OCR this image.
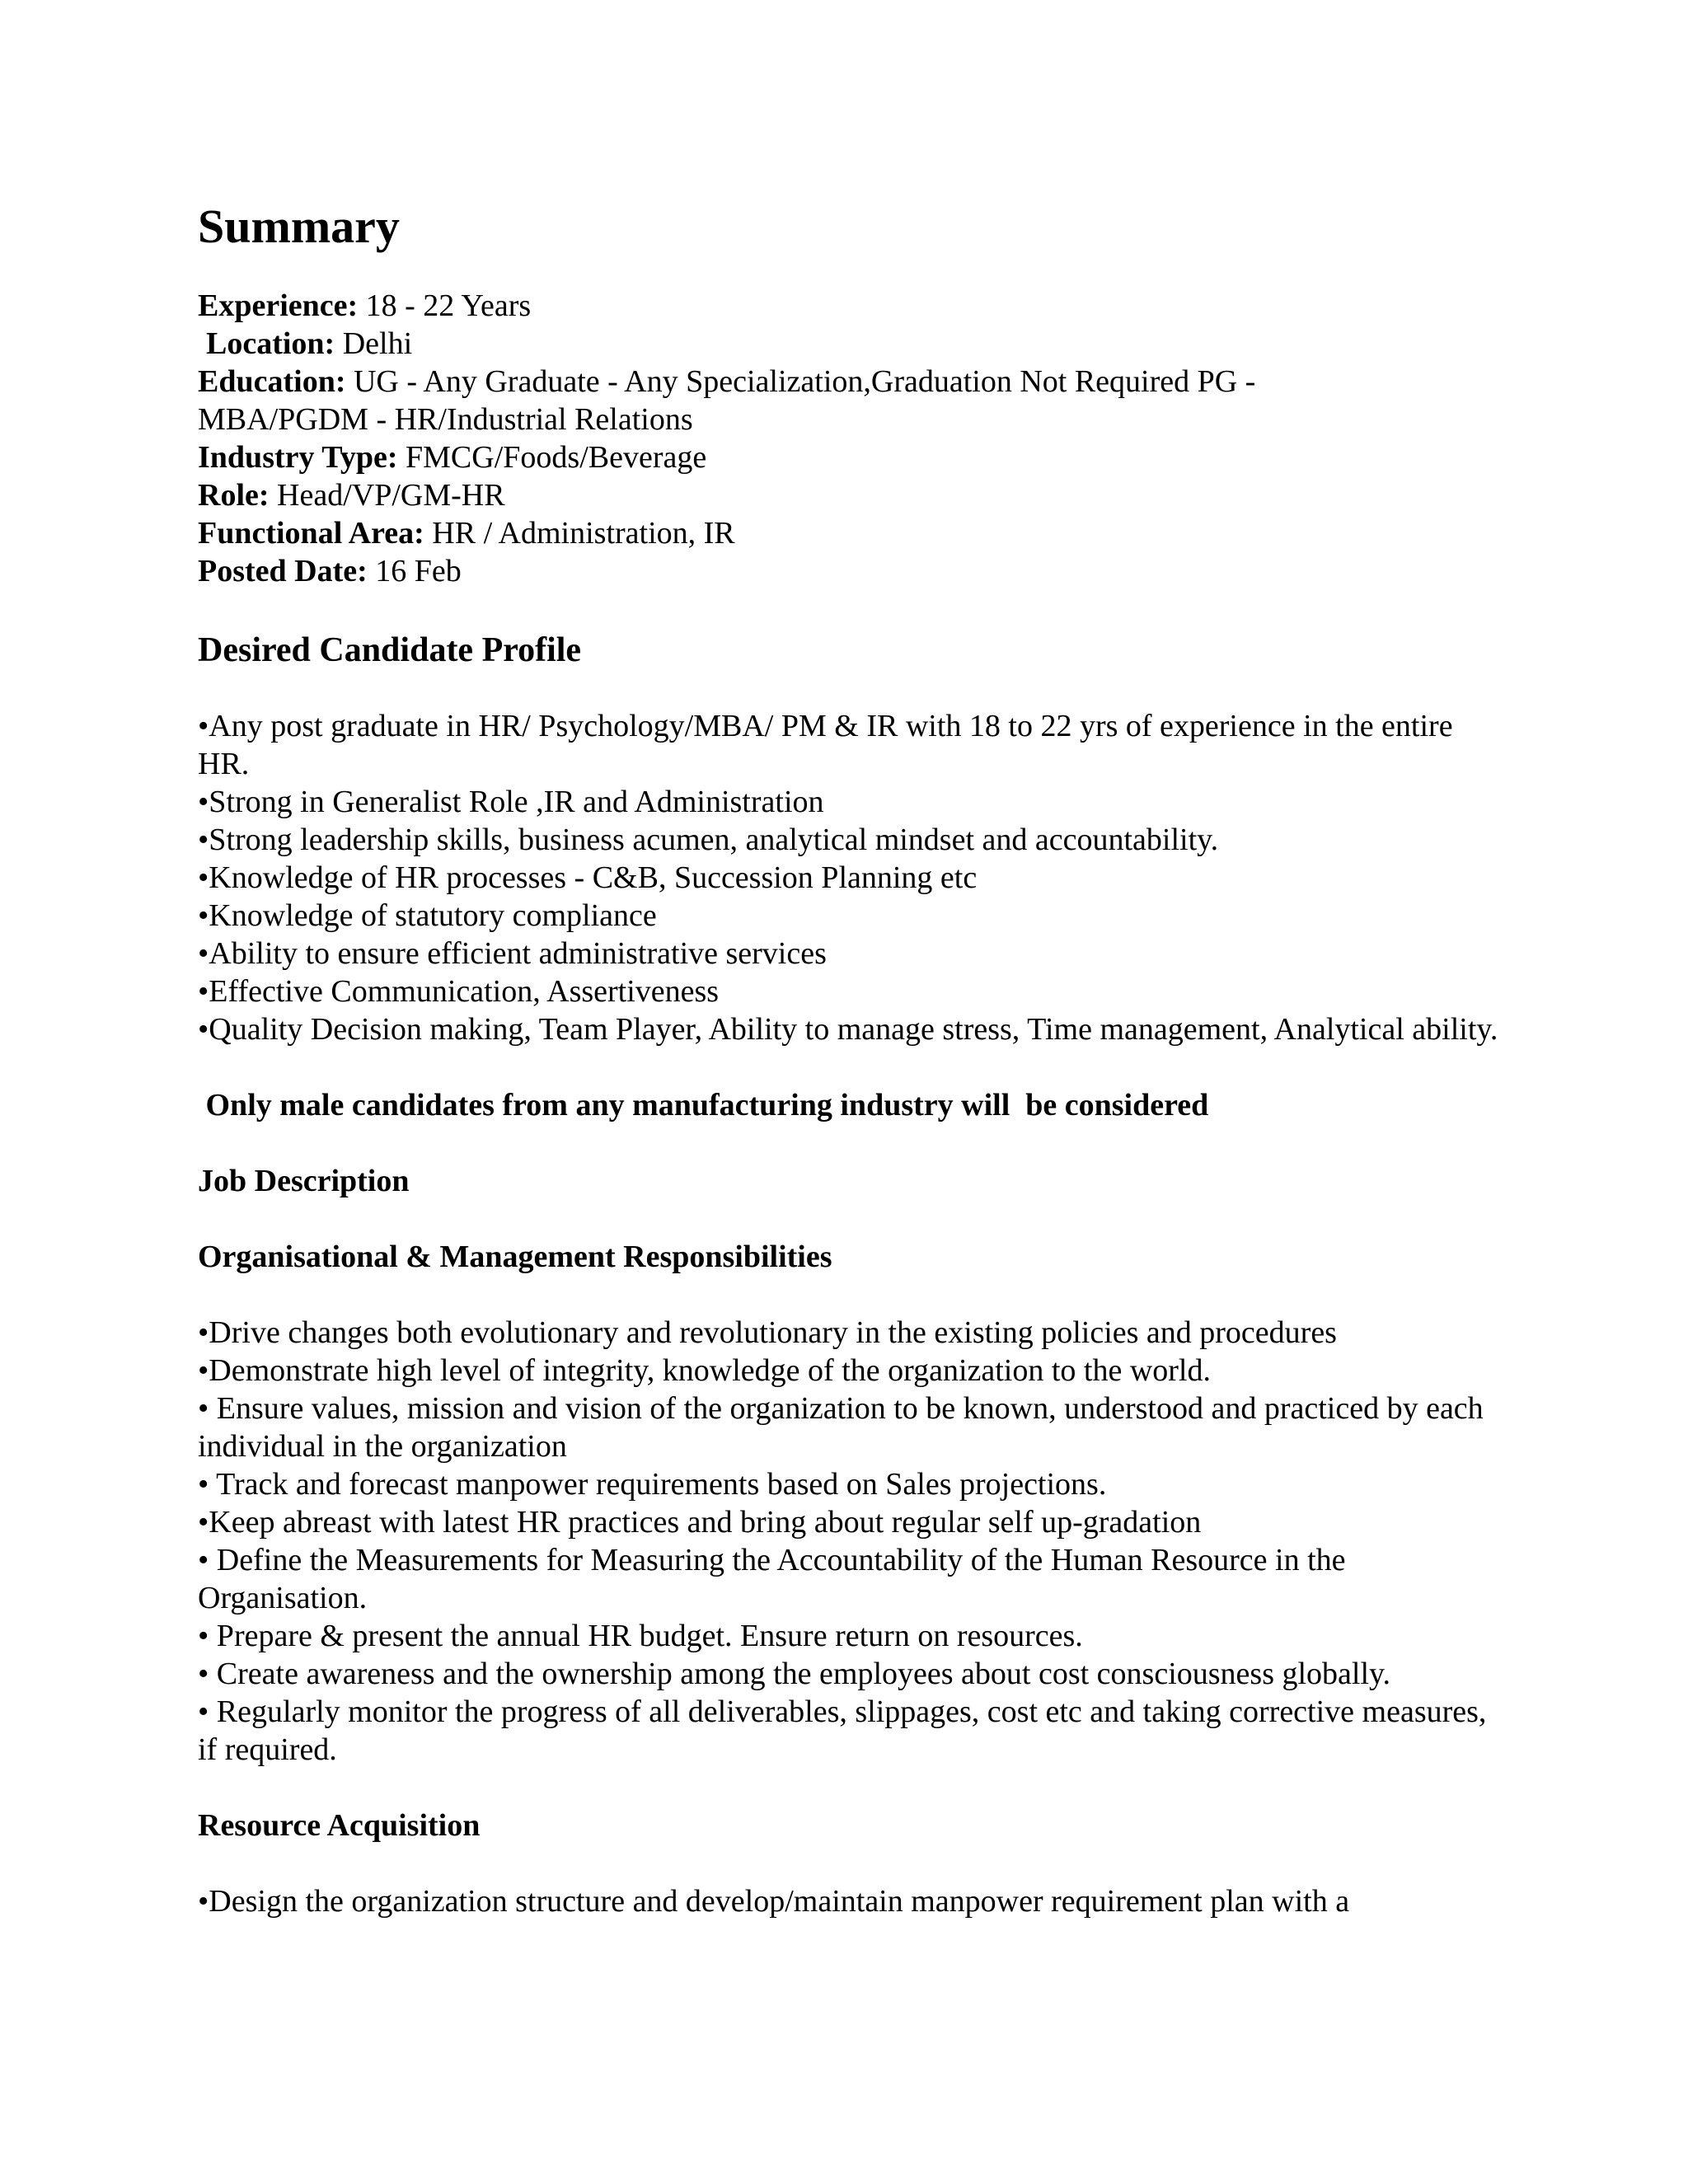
Summary
Experience: 18 - 22 Years
Location: Delhi
Education: UG - Any Graduate - Any Specialization,Graduation Not Required PG -
MBA/PGDM - HR/Industrial Relations
Industry Type: FMCG/Foods/Beverage
Role: Head/VP/GM-HR
Functional Area: HR / Administration, IR
Posted Date: 16 Feb
Desired Candidate Profile
•Any post graduate in HR/ Psychology/MBA/ PM & IR with 18 to 22 yrs of experience in the entire HR.
•Strong in Generalist Role ,IR and Administration
•Strong leadership skills, business acumen, analytical mindset and accountability.
•Knowledge of HR processes - C&B, Succession Planning etc
•Knowledge of statutory compliance
•Ability to ensure efficient administrative services
•Effective Communication, Assertiveness
•Quality Decision making, Team Player, Ability to manage stress, Time management, Analytical ability.
Only male candidates from any manufacturing industry will  be considered
Job Description
Organisational & Management Responsibilities
•Drive changes both evolutionary and revolutionary in the existing policies and procedures
•Demonstrate high level of integrity, knowledge of the organization to the world.
• Ensure values, mission and vision of the organization to be known, understood and practiced by each individual in the organization
• Track and forecast manpower requirements based on Sales projections.
•Keep abreast with latest HR practices and bring about regular self up-gradation
• Define the Measurements for Measuring the Accountability of the Human Resource in the Organisation.
• Prepare & present the annual HR budget. Ensure return on resources.
• Create awareness and the ownership among the employees about cost consciousness globally.
• Regularly monitor the progress of all deliverables, slippages, cost etc and taking corrective measures, if required.
Resource Acquisition
•Design the organization structure and develop/maintain manpower requirement plan with a
